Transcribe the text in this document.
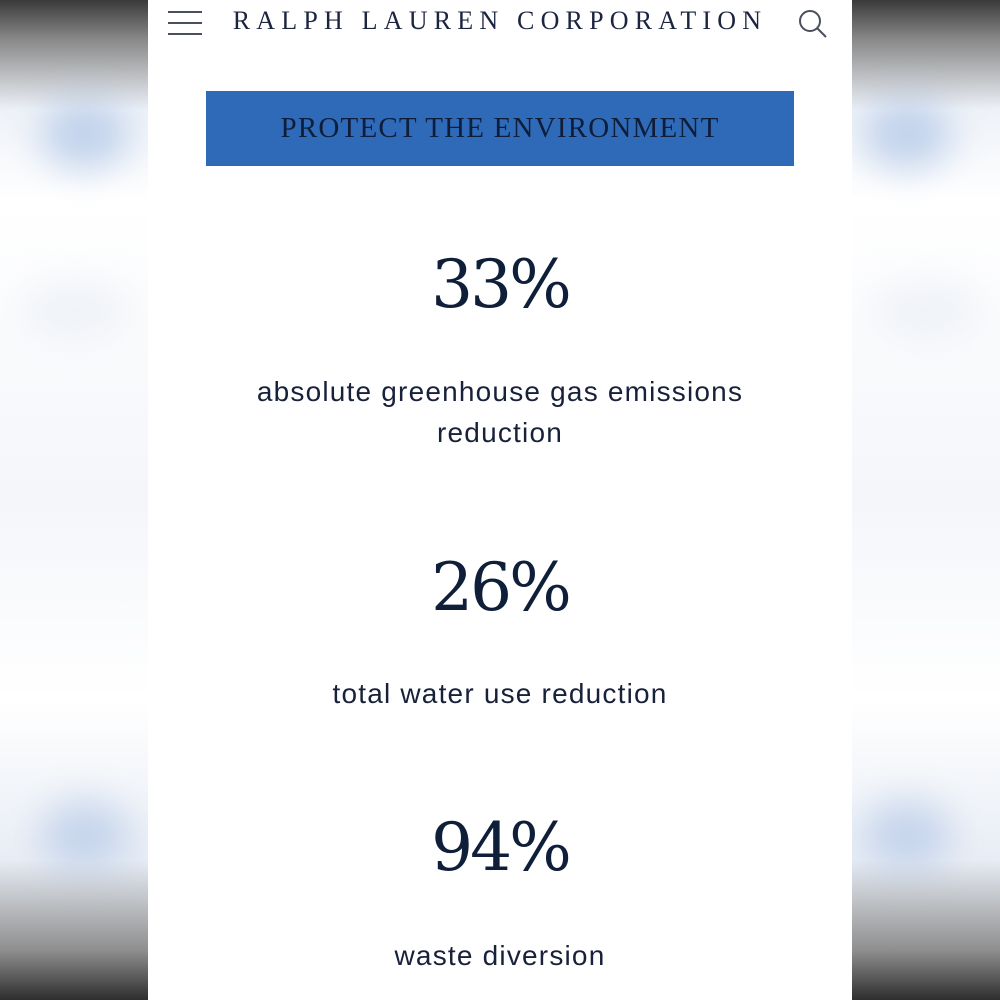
RALPH LAUREN CORPORATION
PROTECT THE ENVIRONMENT
33%
absolute greenhouse gas emissions reduction
26%
total water use reduction
94%
waste diversion
